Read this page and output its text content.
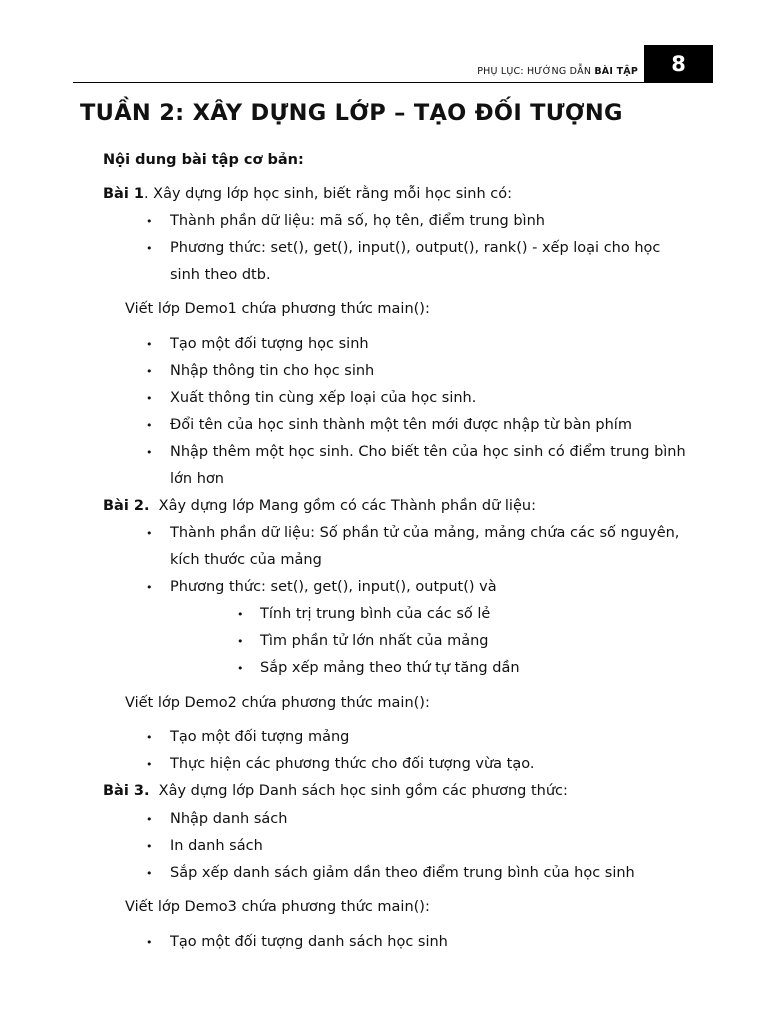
PHỤ LỤC: HƯỚNG DẪN BÀI TẬP	8
TUẦN 2: XÂY DỰNG LỚP – TẠO ĐỐI TƯỢNG
Nội dung bài tập cơ bản:
Bài 1. Xây dựng lớp học sinh, biết rằng mỗi học sinh có:
• Thành phần dữ liệu: mã số, họ tên, điểm trung bình
• Phương thức: set(), get(), input(), output(), rank() - xếp loại cho học
sinh theo dtb.
Viết lớp Demo1 chứa phương thức main():
• Tạo một đối tượng học sinh
• Nhập thông tin cho học sinh
• Xuất thông tin cùng xếp loại của học sinh.
• Đổi tên của học sinh thành một tên mới được nhập từ bàn phím
• Nhập thêm một học sinh. Cho biết tên của học sinh có điểm trung bình
lớn hơn
Bài 2. Xây dựng lớp Mang gồm có các Thành phần dữ liệu:
• Thành phần dữ liệu: Số phần tử của mảng, mảng chứa các số nguyên,
kích thước của mảng
• Phương thức: set(), get(), input(), output() và
• Tính trị trung bình của các số lẻ
• Tìm phần tử lớn nhất của mảng
• Sắp xếp mảng theo thứ tự tăng dần
Viết lớp Demo2 chứa phương thức main():
• Tạo một đối tượng mảng
• Thực hiện các phương thức cho đối tượng vừa tạo.
Bài 3. Xây dựng lớp Danh sách học sinh gồm các phương thức:
• Nhập danh sách
• In danh sách
• Sắp xếp danh sách giảm dần theo điểm trung bình của học sinh
Viết lớp Demo3 chứa phương thức main():
• Tạo một đối tượng danh sách học sinh
